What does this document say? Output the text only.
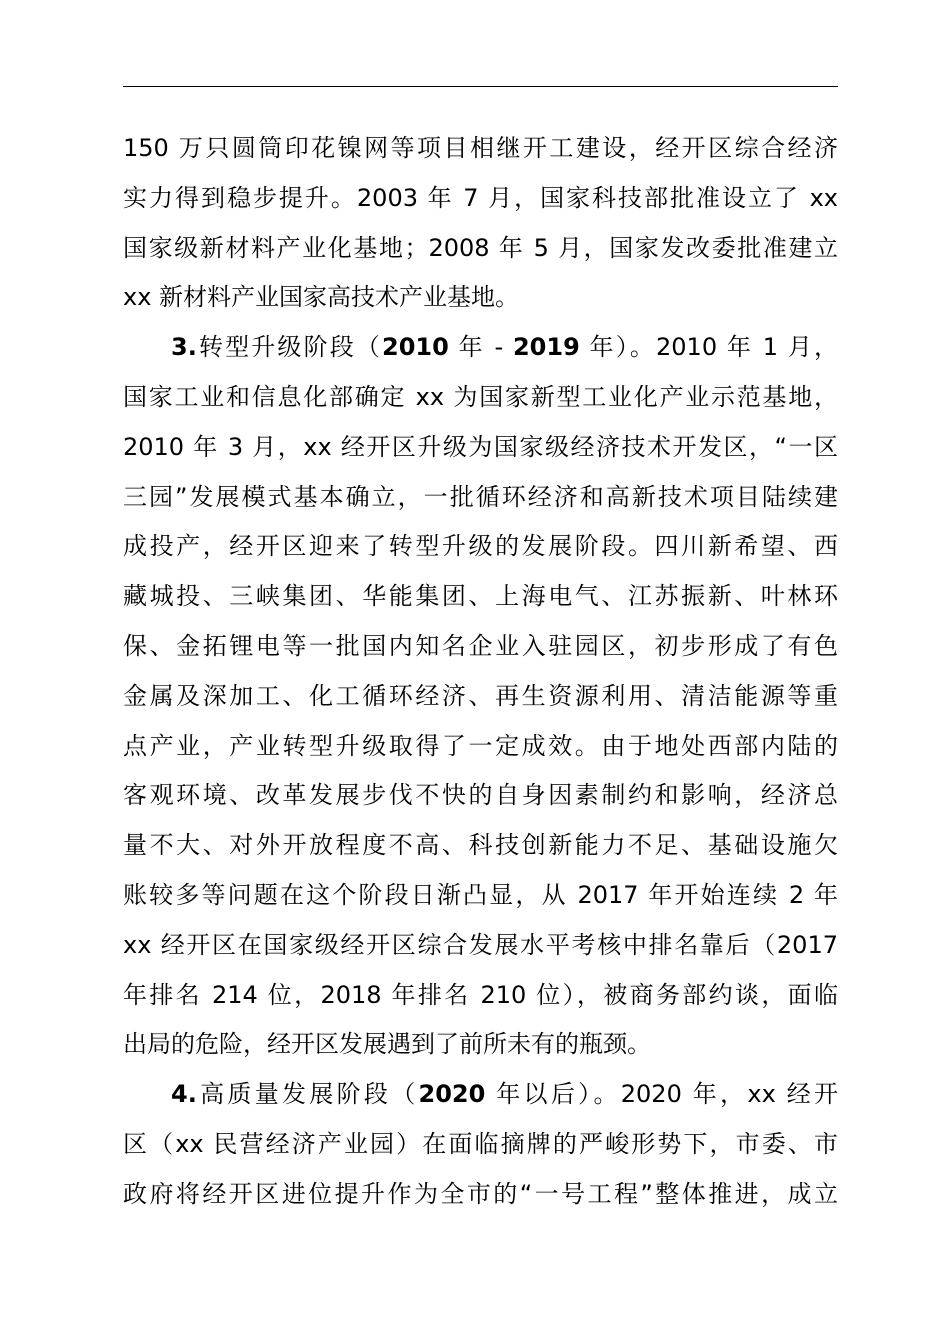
150 万只圆筒印花镍网等项目相继开工建设，经开区综合经济
实力得到稳步提升。2003 年 7 月，国家科技部批准设立了 xx
国家级新材料产业化基地；2008 年 5 月，国家发改委批准建立
xx 新材料产业国家高技术产业基地。
3.转型升级阶段（2010 年 - 2019 年）。2010 年 1 月，
国家工业和信息化部确定 xx 为国家新型工业化产业示范基地，
2010 年 3 月，xx 经开区升级为国家级经济技术开发区，“一区
三园”发展模式基本确立，一批循环经济和高新技术项目陆续建
成投产，经开区迎来了转型升级的发展阶段。四川新希望、西
藏城投、三峡集团、华能集团、上海电气、江苏振新、叶林环
保、金拓锂电等一批国内知名企业入驻园区，初步形成了有色
金属及深加工、化工循环经济、再生资源利用、清洁能源等重
点产业，产业转型升级取得了一定成效。由于地处西部内陆的
客观环境、改革发展步伐不快的自身因素制约和影响，经济总
量不大、对外开放程度不高、科技创新能力不足、基础设施欠
账较多等问题在这个阶段日渐凸显，从 2017 年开始连续 2 年
xx 经开区在国家级经开区综合发展水平考核中排名靠后（2017
年排名 214 位，2018 年排名 210 位），被商务部约谈，面临
出局的危险，经开区发展遇到了前所未有的瓶颈。
4.高质量发展阶段（2020 年以后）。2020 年，xx 经开
区（xx 民营经济产业园）在面临摘牌的严峻形势下，市委、市
政府将经开区进位提升作为全市的“一号工程”整体推进，成立
